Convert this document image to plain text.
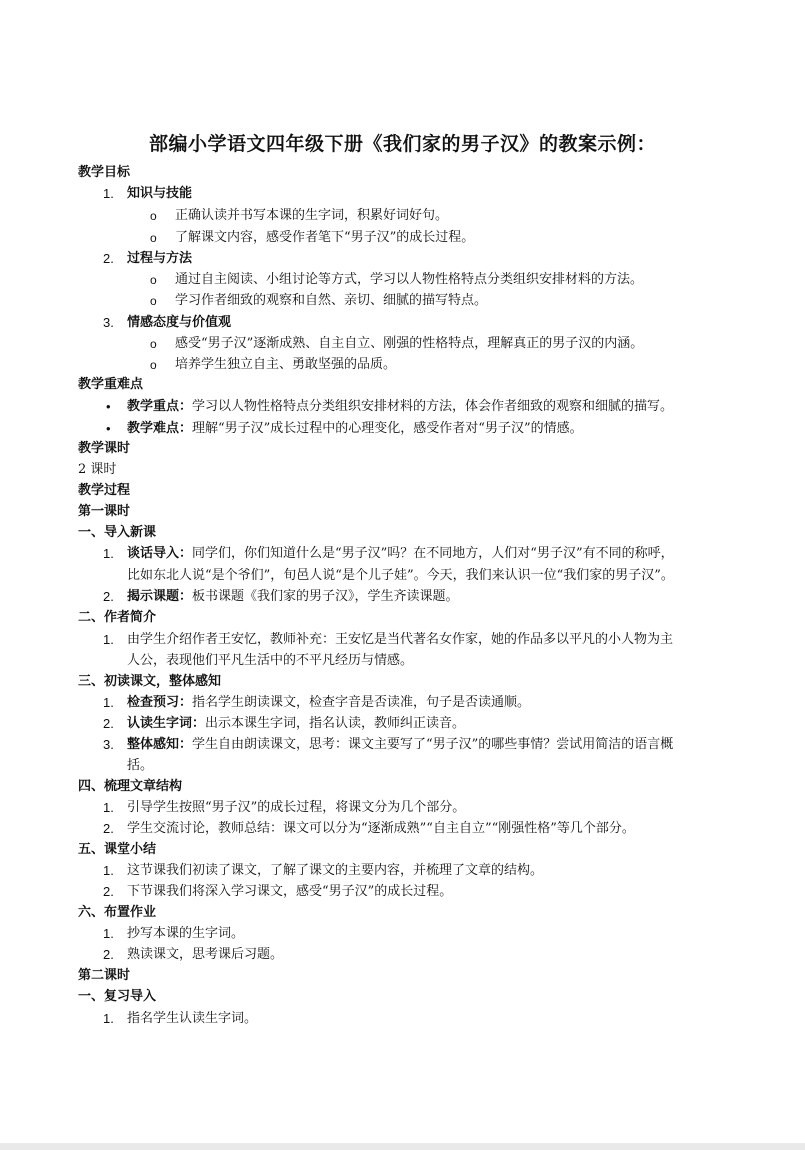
部编小学语文四年级下册《我们家的男子汉》的教案示例：
教学目标
1. 知识与技能
o 正确认读并书写本课的生字词，积累好词好句。
o 了解课文内容，感受作者笔下“男子汉”的成长过程。
2. 过程与方法
o 通过自主阅读、小组讨论等方式，学习以人物性格特点分类组织安排材料的方法。
o 学习作者细致的观察和自然、亲切、细腻的描写特点。
3. 情感态度与价值观
o 感受“男子汉”逐渐成熟、自主自立、刚强的性格特点，理解真正的男子汉的内涵。
o 培养学生独立自主、勇敢坚强的品质。
教学重难点
• 教学重点：学习以人物性格特点分类组织安排材料的方法，体会作者细致的观察和细腻的描写。
• 教学难点：理解“男子汉”成长过程中的心理变化，感受作者对“男子汉”的情感。
教学课时
2 课时
教学过程
第一课时
一、导入新课
1. 谈话导入：同学们，你们知道什么是“男子汉”吗？在不同地方，人们对“男子汉”有不同的称呼，
比如东北人说“是个爷们”，旬邑人说“是个儿子娃”。今天，我们来认识一位“我们家的男子汉”。
2. 揭示课题：板书课题《我们家的男子汉》，学生齐读课题。
二、作者简介
1. 由学生介绍作者王安忆，教师补充：王安忆是当代著名女作家，她的作品多以平凡的小人物为主
人公，表现他们平凡生活中的不平凡经历与情感。
三、初读课文，整体感知
1. 检查预习：指名学生朗读课文，检查字音是否读准，句子是否读通顺。
2. 认读生字词：出示本课生字词，指名认读，教师纠正读音。
3. 整体感知：学生自由朗读课文，思考：课文主要写了“男子汉”的哪些事情？尝试用简洁的语言概
括。
四、梳理文章结构
1. 引导学生按照“男子汉”的成长过程，将课文分为几个部分。
2. 学生交流讨论，教师总结：课文可以分为“逐渐成熟”“自主自立”“刚强性格”等几个部分。
五、课堂小结
1. 这节课我们初读了课文，了解了课文的主要内容，并梳理了文章的结构。
2. 下节课我们将深入学习课文，感受“男子汉”的成长过程。
六、布置作业
1. 抄写本课的生字词。
2. 熟读课文，思考课后习题。
第二课时
一、复习导入
1. 指名学生认读生字词。
